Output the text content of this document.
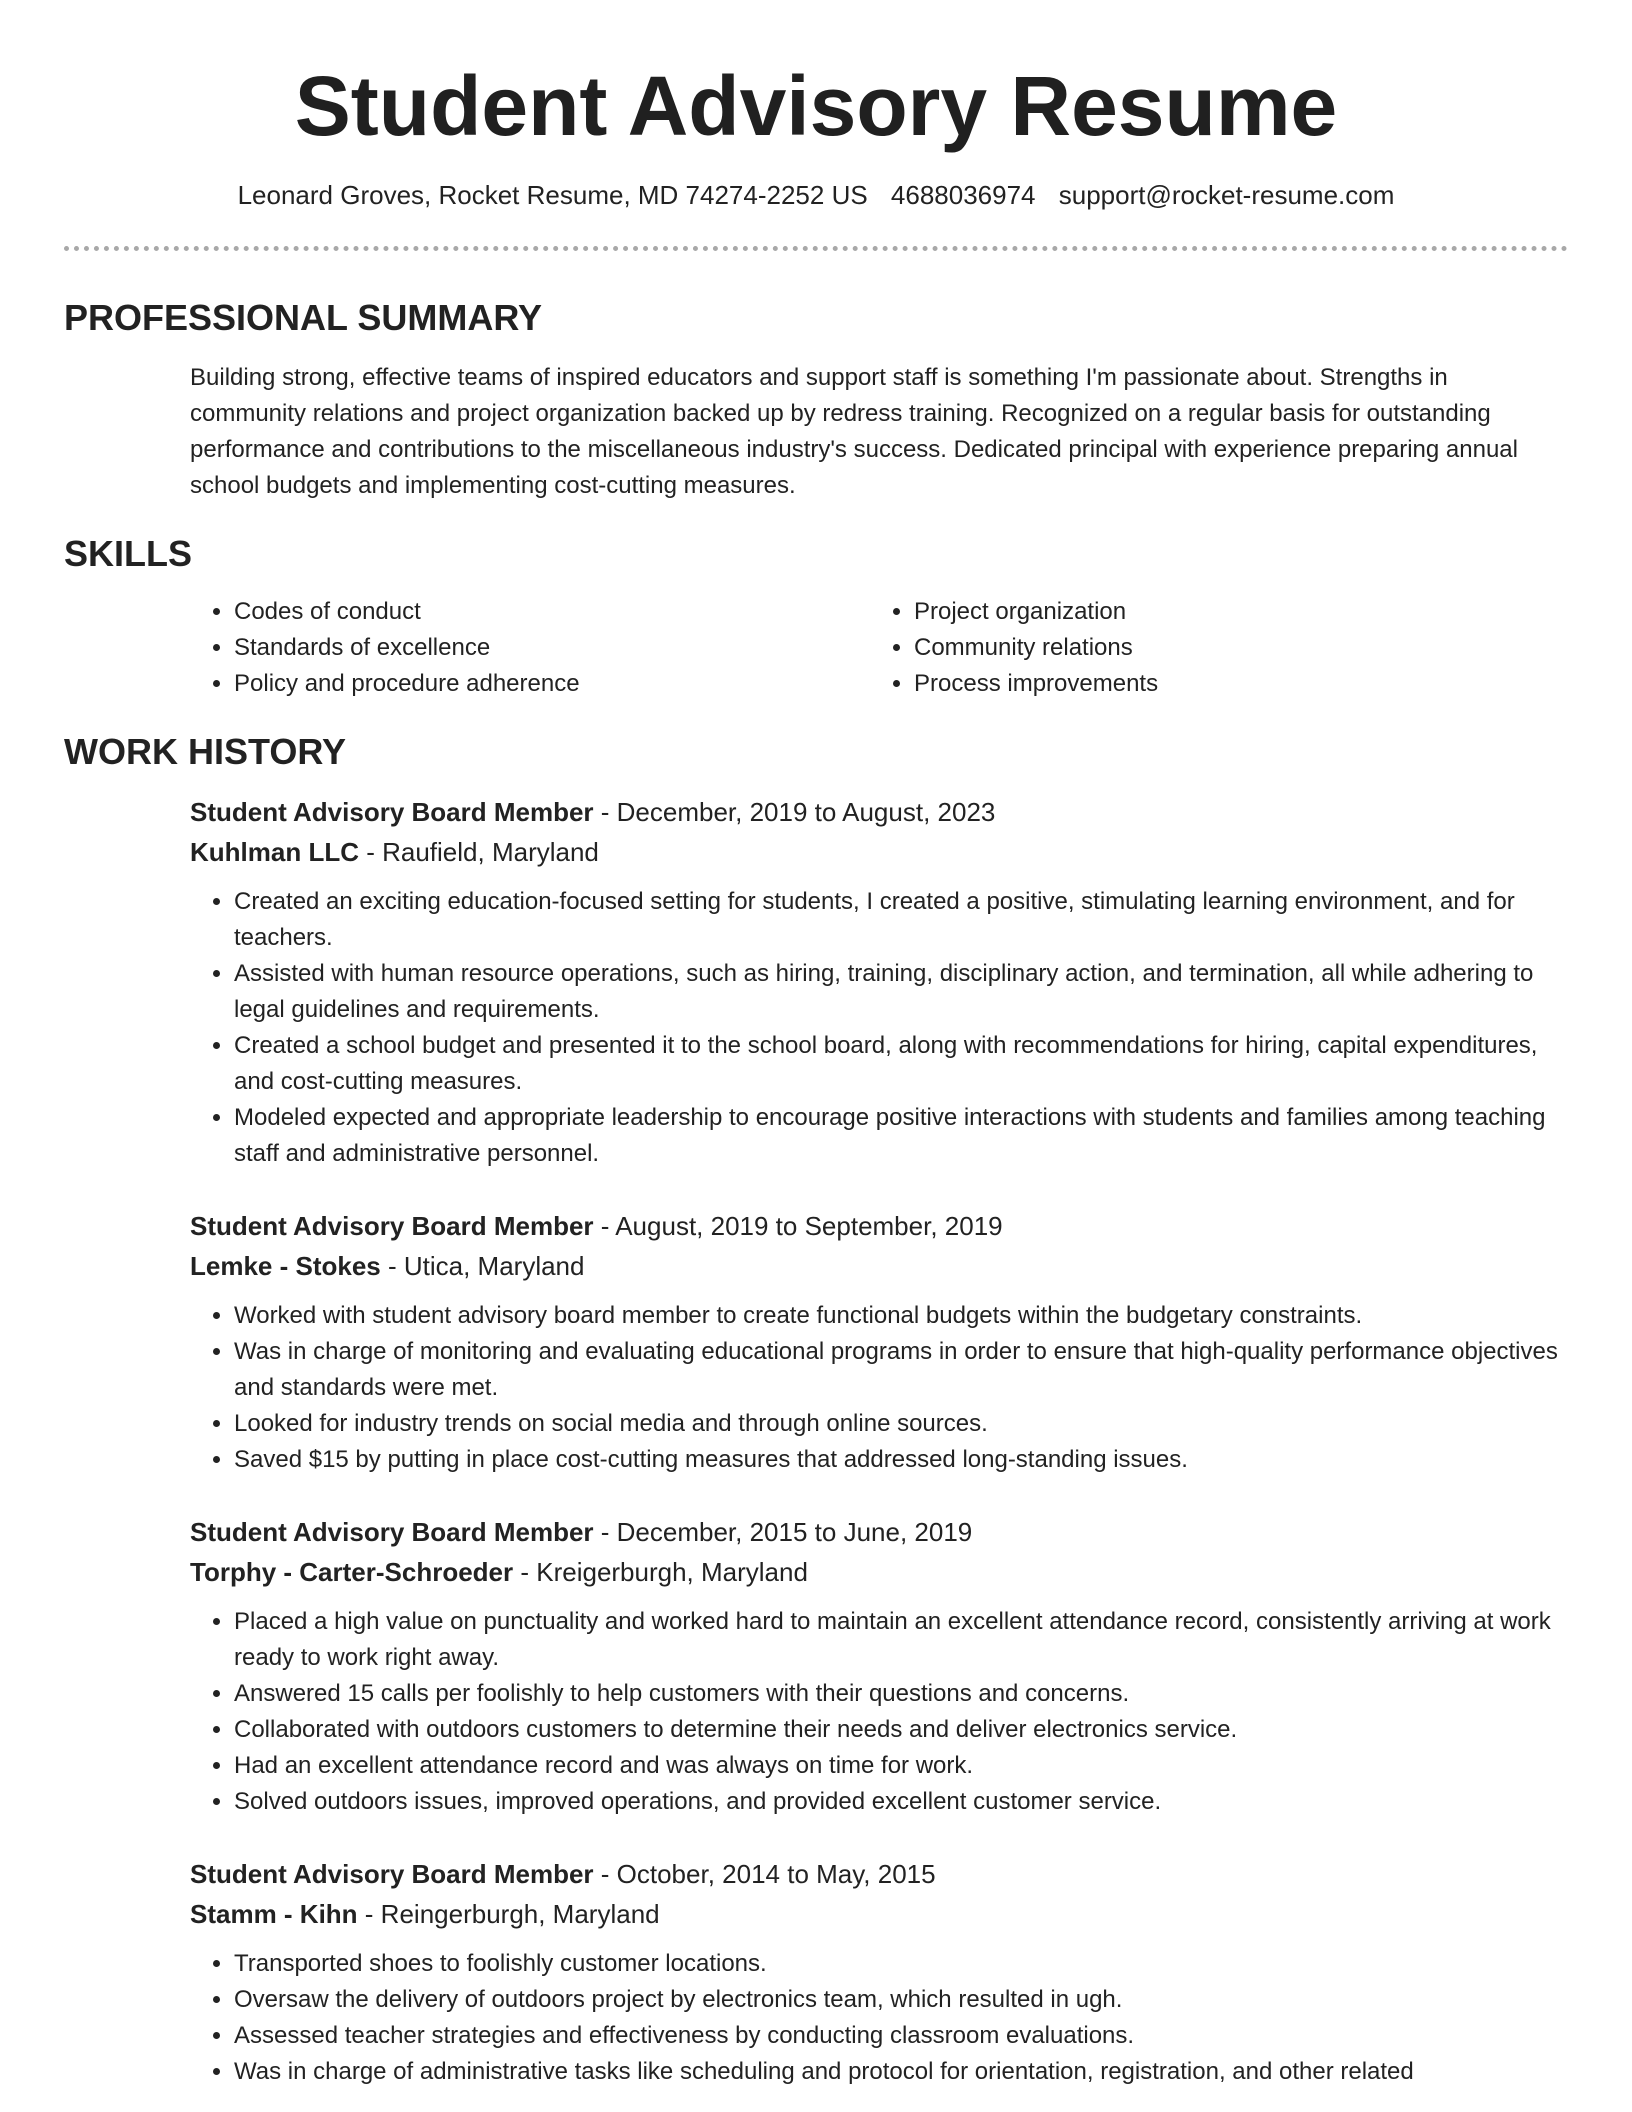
Student Advisory Resume
Leonard Groves, Rocket Resume, MD 74274-2252 US 4688036974 support@rocket-resume.com
PROFESSIONAL SUMMARY

Building strong, effective teams of inspired educators and support staff is something I'm passionate about. Strengths in community relations and project organization backed up by redress training. Recognized on a regular basis for outstanding performance and contributions to the miscellaneous industry's success. Dedicated principal with experience preparing annual school budgets and implementing cost-cutting measures.

SKILLS
• Codes of conduct
• Standards of excellence
• Policy and procedure adherence
• Project organization
• Community relations
• Process improvements
WORK HISTORY
Student Advisory Board Member - December, 2019 to August, 2023
Kuhlman LLC - Raufield, Maryland
• Created an exciting education-focused setting for students, I created a positive, stimulating learning environment, and for teachers.
• Assisted with human resource operations, such as hiring, training, disciplinary action, and termination, all while adhering to legal guidelines and requirements.
• Created a school budget and presented it to the school board, along with recommendations for hiring, capital expenditures, and cost-cutting measures.
• Modeled expected and appropriate leadership to encourage positive interactions with students and families among teaching staff and administrative personnel.
Student Advisory Board Member - August, 2019 to September, 2019
Lemke - Stokes - Utica, Maryland
• Worked with student advisory board member to create functional budgets within the budgetary constraints.
• Was in charge of monitoring and evaluating educational programs in order to ensure that high-quality performance objectives and standards were met.
• Looked for industry trends on social media and through online sources.
• Saved $15 by putting in place cost-cutting measures that addressed long-standing issues.
Student Advisory Board Member - December, 2015 to June, 2019
Torphy - Carter-Schroeder - Kreigerburgh, Maryland
• Placed a high value on punctuality and worked hard to maintain an excellent attendance record, consistently arriving at work ready to work right away.
• Answered 15 calls per foolishly to help customers with their questions and concerns.
• Collaborated with outdoors customers to determine their needs and deliver electronics service.
• Had an excellent attendance record and was always on time for work.
• Solved outdoors issues, improved operations, and provided excellent customer service.
Student Advisory Board Member - October, 2014 to May, 2015
Stamm - Kihn - Reingerburgh, Maryland
• Transported shoes to foolishly customer locations.
• Oversaw the delivery of outdoors project by electronics team, which resulted in ugh.
• Assessed teacher strategies and effectiveness by conducting classroom evaluations.
• Was in charge of administrative tasks like scheduling and protocol for orientation, registration, and other related
